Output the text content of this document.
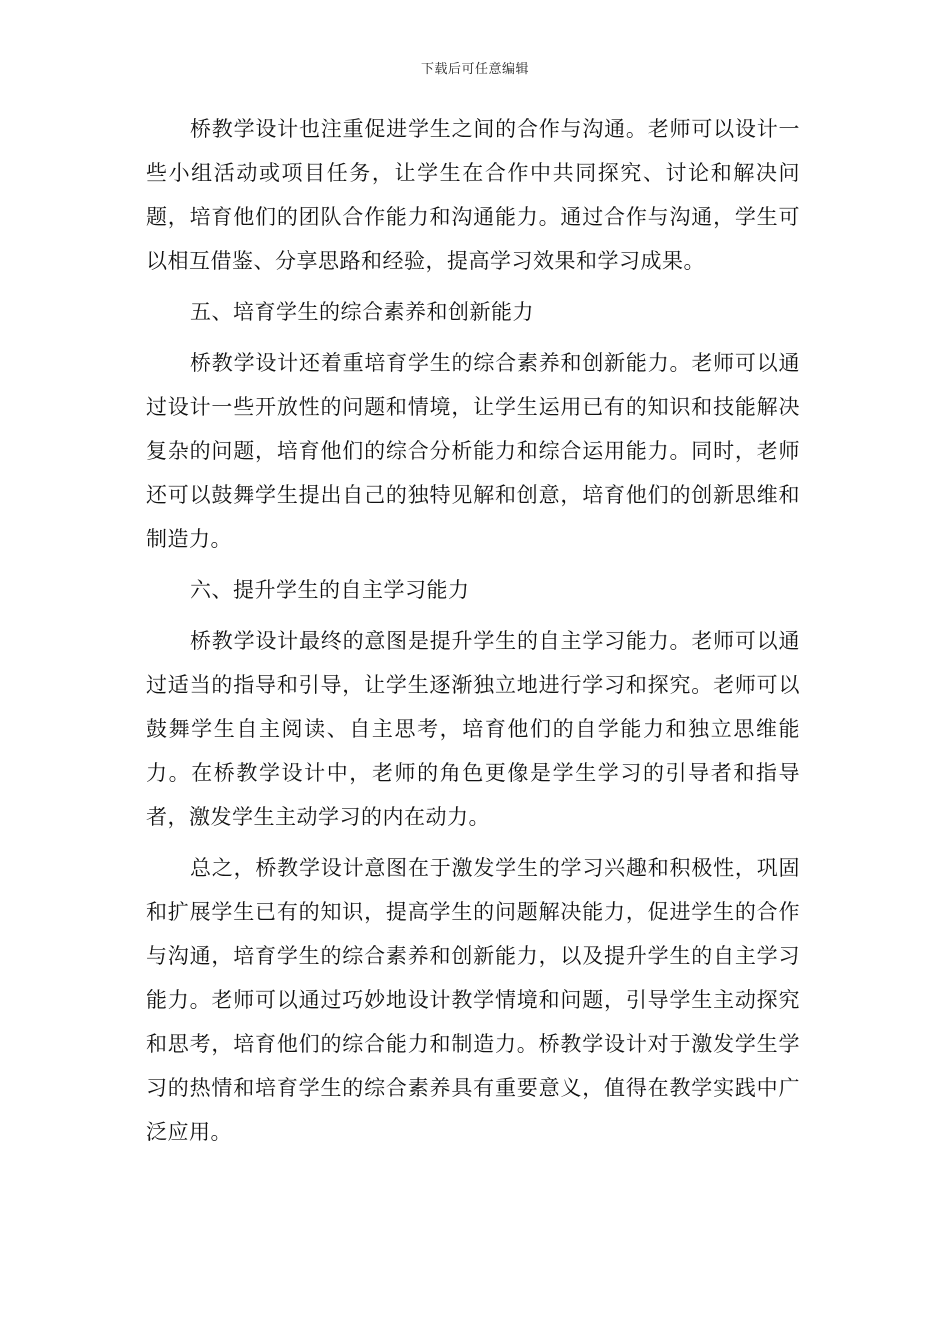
下载后可任意编辑

桥教学设计也注重促进学生之间的合作与沟通。老师可以设计一些小组活动或项目任务，让学生在合作中共同探究、讨论和解决问题，培育他们的团队合作能力和沟通能力。通过合作与沟通，学生可以相互借鉴、分享思路和经验，提高学习效果和学习成果。

五、培育学生的综合素养和创新能力

桥教学设计还着重培育学生的综合素养和创新能力。老师可以通过设计一些开放性的问题和情境，让学生运用已有的知识和技能解决复杂的问题，培育他们的综合分析能力和综合运用能力。同时，老师还可以鼓舞学生提出自己的独特见解和创意，培育他们的创新思维和制造力。

六、提升学生的自主学习能力

桥教学设计最终的意图是提升学生的自主学习能力。老师可以通过适当的指导和引导，让学生逐渐独立地进行学习和探究。老师可以鼓舞学生自主阅读、自主思考，培育他们的自学能力和独立思维能力。在桥教学设计中，老师的角色更像是学生学习的引导者和指导者，激发学生主动学习的内在动力。

总之，桥教学设计意图在于激发学生的学习兴趣和积极性，巩固和扩展学生已有的知识，提高学生的问题解决能力，促进学生的合作与沟通，培育学生的综合素养和创新能力，以及提升学生的自主学习能力。老师可以通过巧妙地设计教学情境和问题，引导学生主动探究和思考，培育他们的综合能力和制造力。桥教学设计对于激发学生学习的热情和培育学生的综合素养具有重要意义，值得在教学实践中广泛应用。
